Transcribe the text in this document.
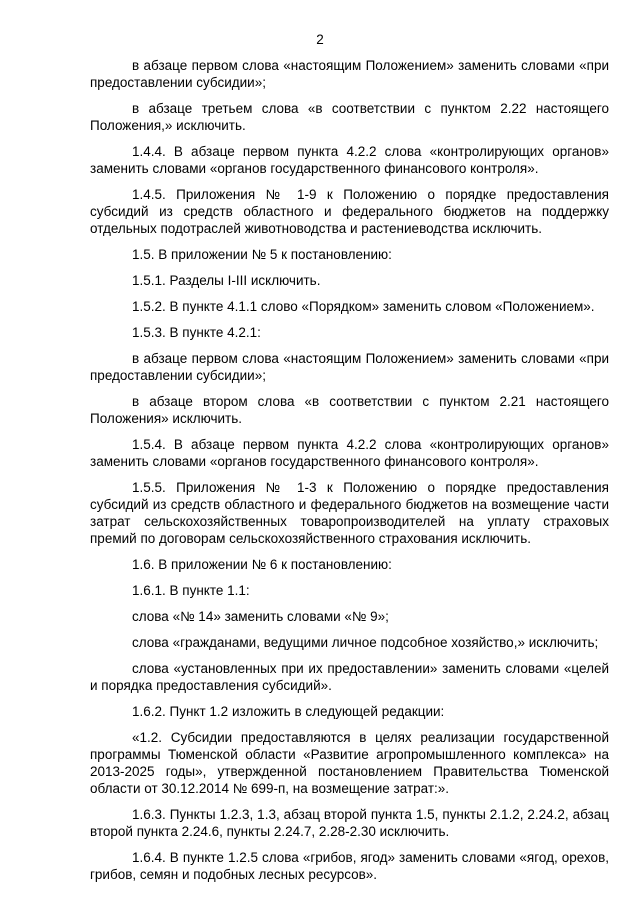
2

в абзаце первом слова «настоящим Положением» заменить словами «при предоставлении субсидии»;

в абзаце третьем слова «в соответствии с пунктом 2.22 настоящего Положения,» исключить.

1.4.4. В абзаце первом пункта 4.2.2 слова «контролирующих органов» заменить словами «органов государственного финансового контроля».

1.4.5. Приложения № 1-9 к Положению о порядке предоставления субсидий из средств областного и федерального бюджетов на поддержку отдельных подотраслей животноводства и растениеводства исключить.

1.5. В приложении № 5 к постановлению:

1.5.1. Разделы I-III исключить.

1.5.2. В пункте 4.1.1 слово «Порядком» заменить словом «Положением».

1.5.3. В пункте 4.2.1:

в абзаце первом слова «настоящим Положением» заменить словами «при предоставлении субсидии»;

в абзаце втором слова «в соответствии с пунктом 2.21 настоящего Положения» исключить.

1.5.4. В абзаце первом пункта 4.2.2 слова «контролирующих органов» заменить словами «органов государственного финансового контроля».

1.5.5. Приложения № 1-3 к Положению о порядке предоставления субсидий из средств областного и федерального бюджетов на возмещение части затрат сельскохозяйственных товаропроизводителей на уплату страховых премий по договорам сельскохозяйственного страхования исключить.

1.6. В приложении № 6 к постановлению:

1.6.1. В пункте 1.1:

слова «№ 14» заменить словами «№ 9»;

слова «гражданами, ведущими личное подсобное хозяйство,» исключить;

слова «установленных при их предоставлении» заменить словами «целей и порядка предоставления субсидий».

1.6.2. Пункт 1.2 изложить в следующей редакции:

«1.2. Субсидии предоставляются в целях реализации государственной программы Тюменской области «Развитие агропромышленного комплекса» на 2013-2025 годы», утвержденной постановлением Правительства Тюменской области от 30.12.2014 № 699-п, на возмещение затрат:».

1.6.3. Пункты 1.2.3, 1.3, абзац второй пункта 1.5, пункты 2.1.2, 2.24.2, абзац второй пункта 2.24.6, пункты 2.24.7, 2.28-2.30 исключить.

1.6.4. В пункте 1.2.5 слова «грибов, ягод» заменить словами «ягод, орехов, грибов, семян и подобных лесных ресурсов».
